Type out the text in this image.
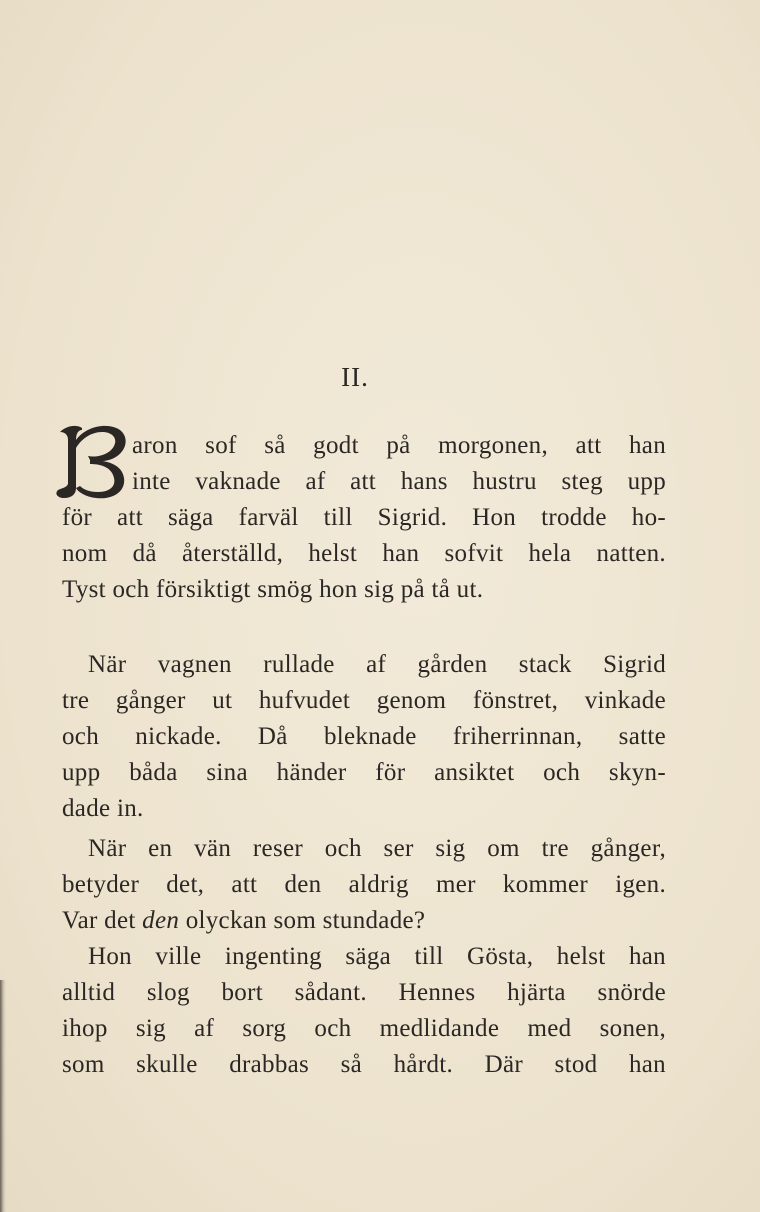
II.
aron sof så godt på morgonen, att han
inte vaknade af att hans hustru steg upp
för att säga farväl till Sigrid. Hon trodde ho-
nom då återställd, helst han sofvit hela natten.
Tyst och försiktigt smög hon sig på tå ut.
När vagnen rullade af gården stack Sigrid
tre gånger ut hufvudet genom fönstret, vinkade
och nickade. Då bleknade friherrinnan, satte
upp båda sina händer för ansiktet och skyn-
dade in.
När en vän reser och ser sig om tre gånger,
betyder det, att den aldrig mer kommer igen.
Var det den olyckan som stundade?
Hon ville ingenting säga till Gösta, helst han
alltid slog bort sådant. Hennes hjärta snörde
ihop sig af sorg och medlidande med sonen,
som skulle drabbas så hårdt. Där stod han
